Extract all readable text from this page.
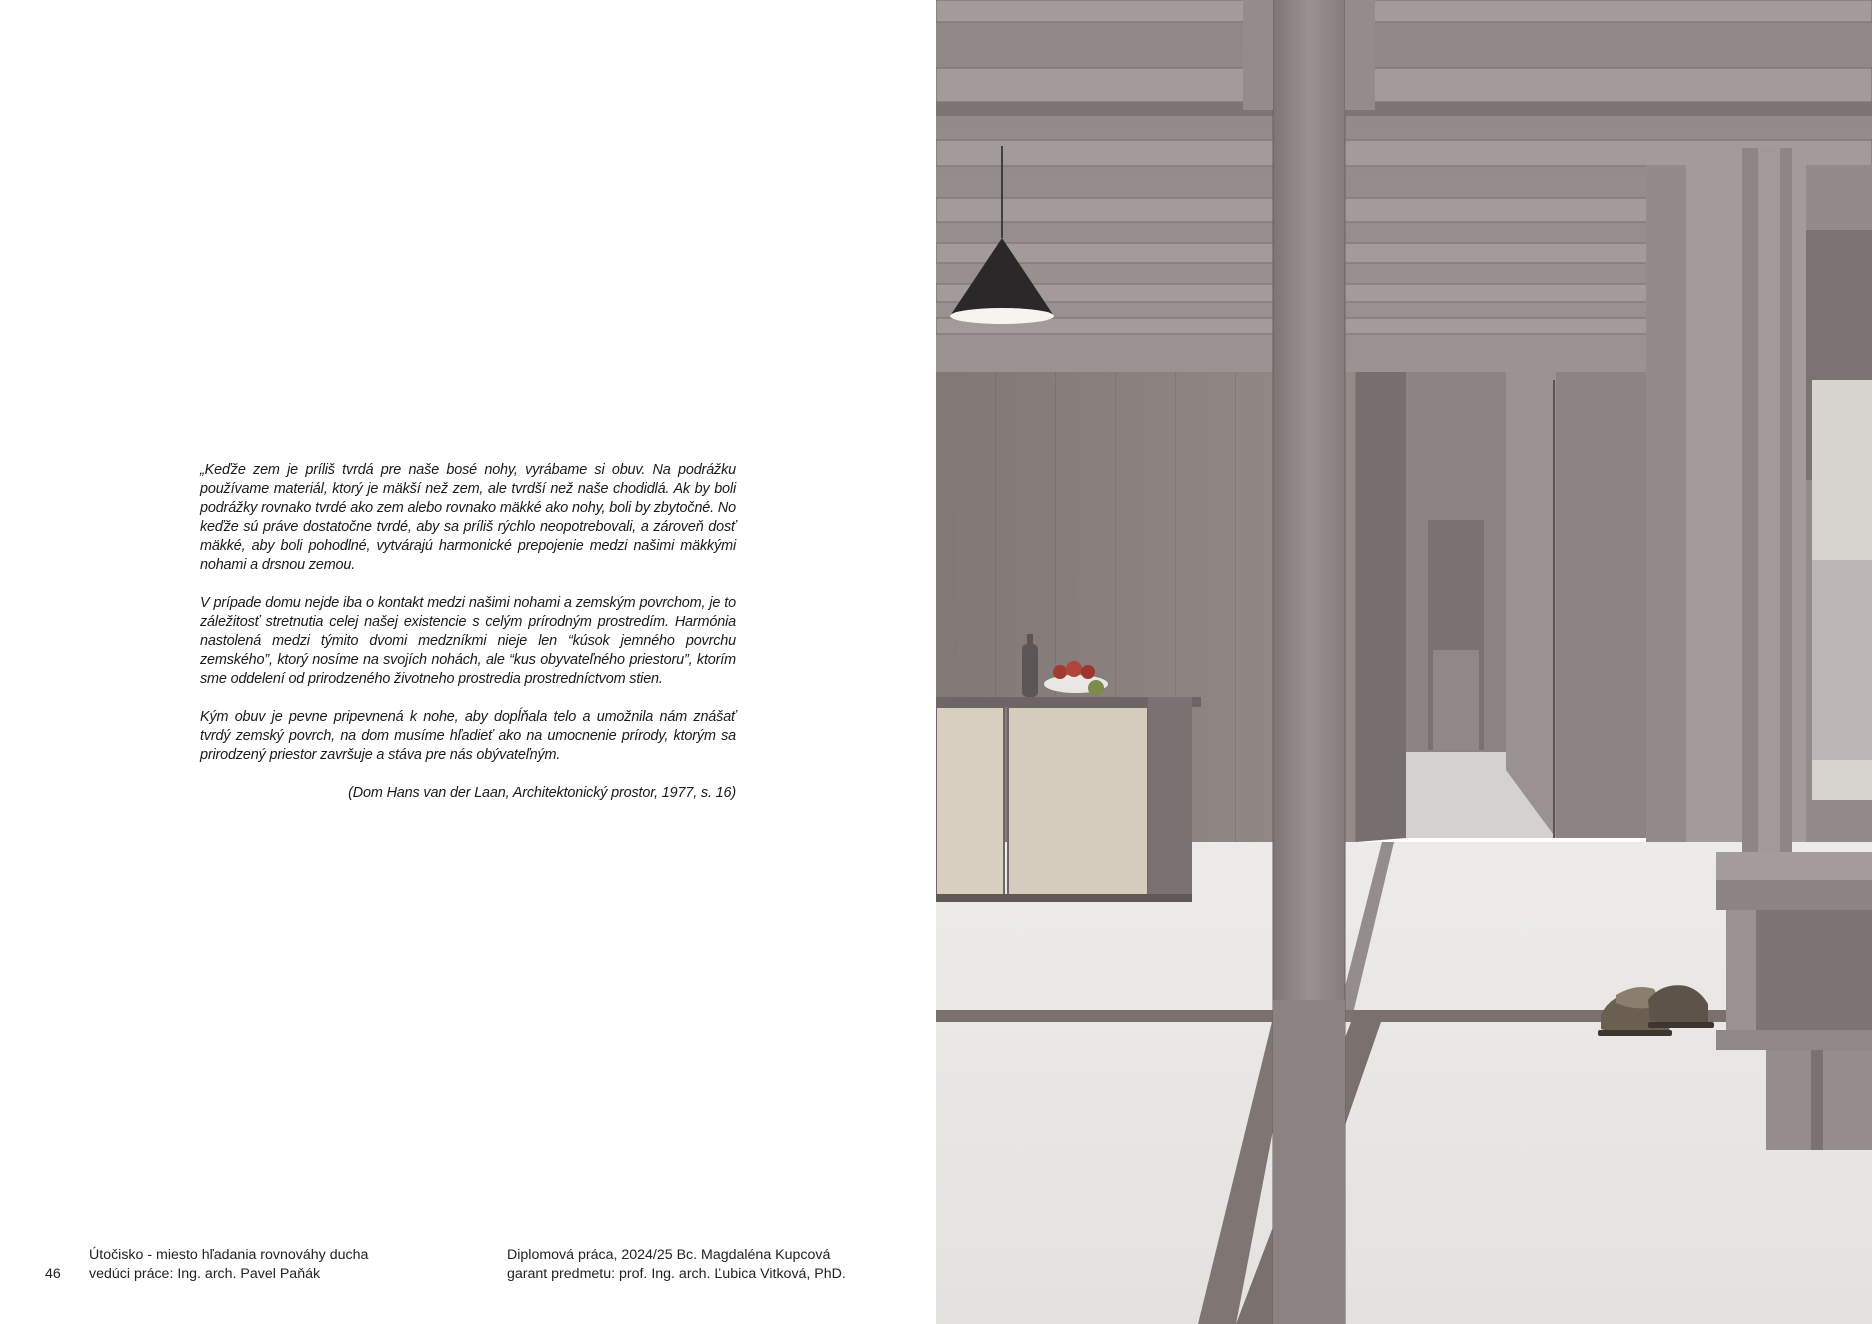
„Keďže zem je príliš tvrdá pre naše bosé nohy, vyrábame si obuv. Na podrážku používame materiál, ktorý je mäkší než zem, ale tvrdší než naše chodidlá. Ak by boli podrážky rovnako tvrdé ako zem alebo rovnako mäkké ako nohy, boli by zbytočné. No keďže sú práve dostatočne tvrdé, aby sa príliš rýchlo neopotrebovali, a zároveň dosť mäkké, aby boli pohodlné, vytvárajú harmonické prepojenie medzi našimi mäkkými nohami a drsnou zemou.

V prípade domu nejde iba o kontakt medzi našimi nohami a zemským povrchom, je to záležitosť stretnutia celej našej existencie s celým prírodným prostredím. Harmónia nastolená medzi týmito dvomi medzníkmi nieje len “kúsok jemného povrchu zemského”, ktorý nosíme na svojích nohách, ale “kus obyvateľného priestoru”, ktorím sme oddelení od prirodzeného životneho prostredia prostredníctvom stien.

Kým obuv je pevne pripevnená k nohe, aby dopĺňala telo a umožnila nám znášať tvrdý zemský povrch, na dom musíme hľadieť ako na umocnenie prírody, ktorým sa prirodzený priestor završuje a stáva pre nás obývateľným.

(Dom Hans van der Laan, Architektonický prostor, 1977, s. 16)
46
Útočisko - miesto hľadania rovnováhy ducha
vedúci práce: Ing. arch. Pavel Paňák
Diplomová práca, 2024/25 Bc. Magdaléna Kupcová
garant predmetu: prof. Ing. arch. Ľubica Vitková, PhD.
